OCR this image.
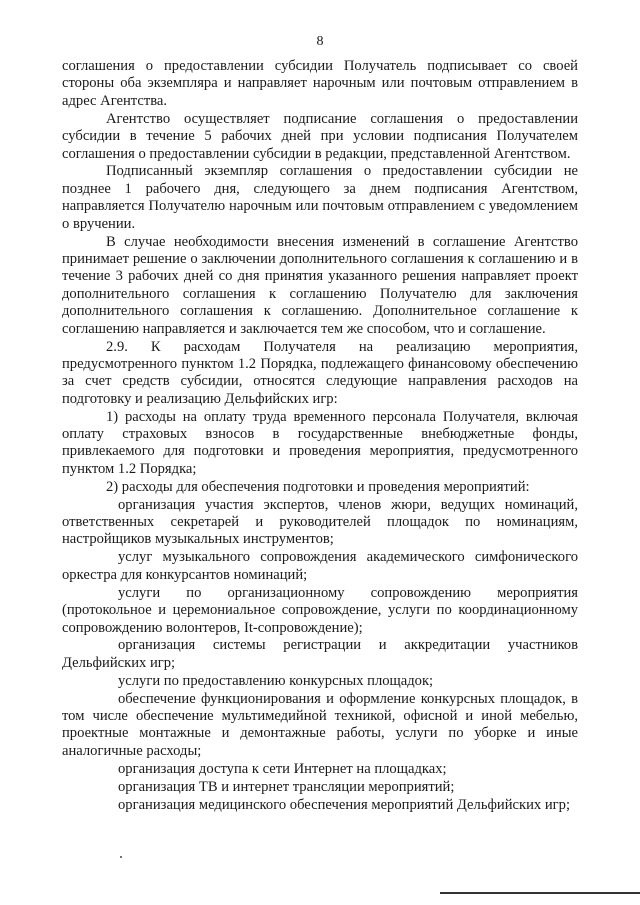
8

соглашения о предоставлении субсидии Получатель подписывает со своей стороны оба экземпляра и направляет нарочным или почтовым отправлением в адрес Агентства.

Агентство осуществляет подписание соглашения о предоставлении субсидии в течение 5 рабочих дней при условии подписания Получателем соглашения о предоставлении субсидии в редакции, представленной Агентством.

Подписанный экземпляр соглашения о предоставлении субсидии не позднее 1 рабочего дня, следующего за днем подписания Агентством, направляется Получателю нарочным или почтовым отправлением с уведомлением о вручении.

В случае необходимости внесения изменений в соглашение Агентство принимает решение о заключении дополнительного соглашения к соглашению и в течение 3 рабочих дней со дня принятия указанного решения направляет проект дополнительного соглашения к соглашению Получателю для заключения дополнительного соглашения к соглашению. Дополнительное соглашение к соглашению направляется и заключается тем же способом, что и соглашение.

2.9. К расходам Получателя на реализацию мероприятия, предусмотренного пунктом 1.2 Порядка, подлежащего финансовому обеспечению за счет средств субсидии, относятся следующие направления расходов на подготовку и реализацию Дельфийских игр:

1) расходы на оплату труда временного персонала Получателя, включая оплату страховых взносов в государственные внебюджетные фонды, привлекаемого для подготовки и проведения мероприятия, предусмотренного пунктом 1.2 Порядка;

2) расходы для обеспечения подготовки и проведения мероприятий:

организация участия экспертов, членов жюри, ведущих номинаций, ответственных секретарей и руководителей площадок по номинациям, настройщиков музыкальных инструментов;

услуг музыкального сопровождения академического симфонического оркестра для конкурсантов номинаций;

услуги по организационному сопровождению мероприятия (протокольное и церемониальное сопровождение, услуги по координационному сопровождению волонтеров, It-сопровождение);

организация системы регистрации и аккредитации участников Дельфийских игр;

услуги по предоставлению конкурсных площадок;

обеспечение функционирования и оформление конкурсных площадок, в том числе обеспечение мультимедийной техникой, офисной и иной мебелью, проектные монтажные и демонтажные работы, услуги по уборке и иные аналогичные расходы;

организация доступа к сети Интернет на площадках;

организация ТВ и интернет трансляции мероприятий;

организация медицинского обеспечения мероприятий Дельфийских игр;
